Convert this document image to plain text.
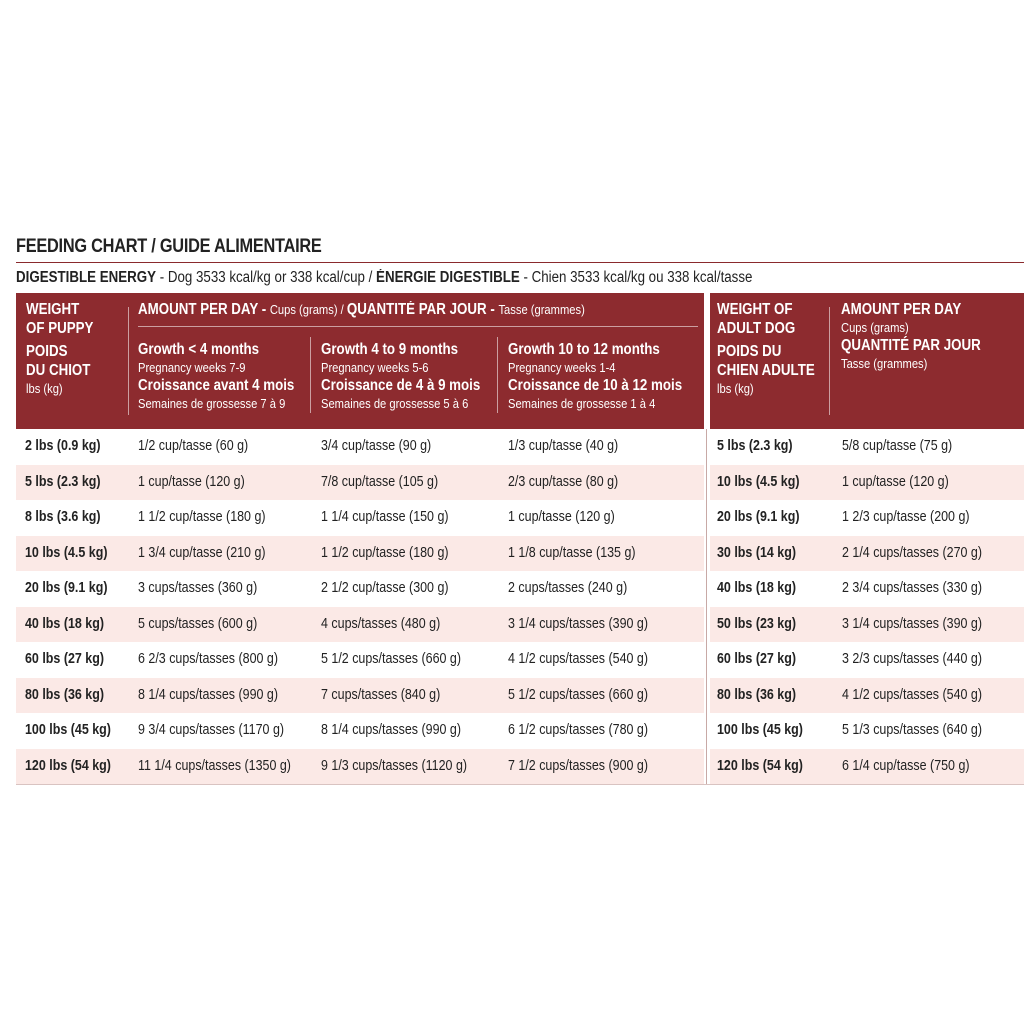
FEEDING CHART / GUIDE ALIMENTAIRE
DIGESTIBLE ENERGY - Dog 3533 kcal/kg or 338 kcal/cup / ÉNERGIE DIGESTIBLE - Chien 3533 kcal/kg ou 338 kcal/tasse
WEIGHT
OF PUPPY
POIDS
DU CHIOT
lbs (kg)
AMOUNT PER DAY - Cups (grams) / QUANTITÉ PAR JOUR - Tasse (grammes)
Growth < 4 months
Pregnancy weeks 7-9
Croissance avant 4 mois
Semaines de grossesse 7 à 9
Growth 4 to 9 months
Pregnancy weeks 5-6
Croissance de 4 à 9 mois
Semaines de grossesse 5 à 6
Growth 10 to 12 months
Pregnancy weeks 1-4
Croissance de 10 à 12 mois
Semaines de grossesse 1 à 4
WEIGHT OF
ADULT DOG
POIDS DU
CHIEN ADULTE
lbs (kg)
AMOUNT PER DAY
Cups (grams)
QUANTITÉ PAR JOUR
Tasse (grammes)
2 lbs (0.9 kg)	1/2 cup/tasse (60 g)	3/4 cup/tasse (90 g)	1/3 cup/tasse (40 g)	5 lbs (2.3 kg)	5/8 cup/tasse (75 g)
5 lbs (2.3 kg)	1 cup/tasse (120 g)	7/8 cup/tasse (105 g)	2/3 cup/tasse (80 g)	10 lbs (4.5 kg)	1 cup/tasse (120 g)
8 lbs (3.6 kg)	1 1/2 cup/tasse (180 g)	1 1/4 cup/tasse (150 g)	1 cup/tasse (120 g)	20 lbs (9.1 kg)	1 2/3 cup/tasse (200 g)
10 lbs (4.5 kg) 1 3/4 cup/tasse (210 g)	1 1/2 cup/tasse (180 g)	1 1/8 cup/tasse (135 g)	30 lbs (14 kg)	2 1/4 cups/tasses (270 g)
20 lbs (9.1 kg) 3 cups/tasses (360 g)	2 1/2 cup/tasse (300 g)	2 cups/tasses (240 g)	40 lbs (18 kg)	2 3/4 cups/tasses (330 g)
40 lbs (18 kg) 5 cups/tasses (600 g)	4 cups/tasses (480 g)	3 1/4 cups/tasses (390 g)	50 lbs (23 kg)	3 1/4 cups/tasses (390 g)
60 lbs (27 kg) 6 2/3 cups/tasses (800 g)	5 1/2 cups/tasses (660 g)	4 1/2 cups/tasses (540 g)	60 lbs (27 kg)	3 2/3 cups/tasses (440 g)
80 lbs (36 kg) 8 1/4 cups/tasses (990 g)	7 cups/tasses (840 g)	5 1/2 cups/tasses (660 g)	80 lbs (36 kg)	4 1/2 cups/tasses (540 g)
100 lbs (45 kg) 9 3/4 cups/tasses (1170 g)	8 1/4 cups/tasses (990 g)	6 1/2 cups/tasses (780 g)	100 lbs (45 kg)	5 1/3 cups/tasses (640 g)
120 lbs (54 kg) 11 1/4 cups/tasses (1350 g) 9 1/3 cups/tasses (1120 g)	7 1/2 cups/tasses (900 g)	120 lbs (54 kg)	6 1/4 cup/tasse (750 g)
